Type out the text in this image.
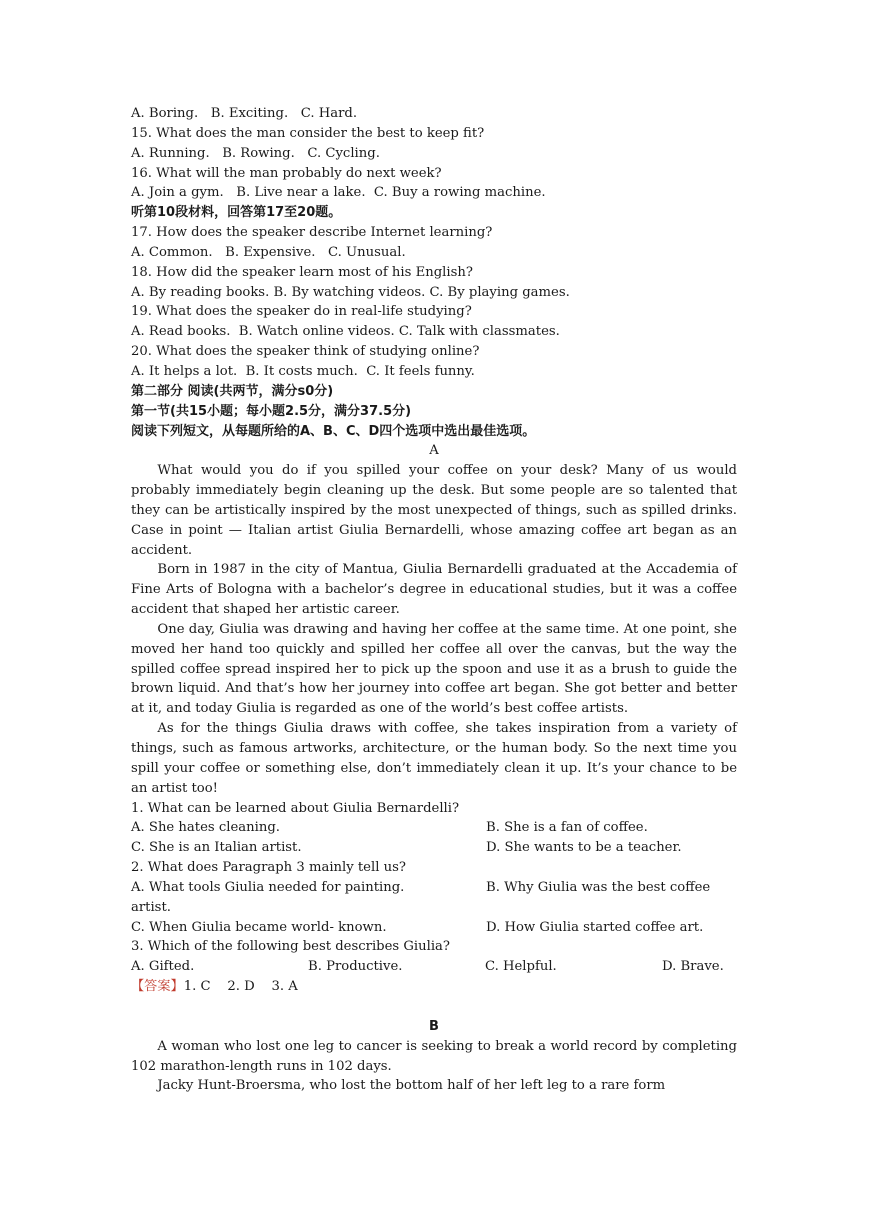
A. Boring.   B. Exciting.   C. Hard.
15. What does the man consider the best to keep fit?
A. Running.   B. Rowing.   C. Cycling.
16. What will the man probably do next week?
A. Join a gym.   B. Live near a lake.  C. Buy a rowing machine.
听第10段材料，回答第17至20题。
17. How does the speaker describe Internet learning?
A. Common.   B. Expensive.   C. Unusual.
18. How did the speaker learn most of his English?
A. By reading books. B. By watching videos. C. By playing games.
19. What does the speaker do in real-life studying?
A. Read books.  B. Watch online videos. C. Talk with classmates.
20. What does the speaker think of studying online?
A. It helps a lot.  B. It costs much.  C. It feels funny.
第二部分 阅读(共两节，满分s0分)
第一节(共15小题；每小题2.5分，满分37.5分)
阅读下列短文，从每题所给的A、B、C、D四个选项中选出最佳选项。
A

What would you do if you spilled your coffee on your desk? Many of us would probably immediately begin cleaning up the desk. But some people are so talented that they can be artistically inspired by the most unexpected of things, such as spilled drinks. Case in point — Italian artist Giulia Bernardelli, whose amazing coffee art began as an accident.

Born in 1987 in the city of Mantua, Giulia Bernardelli graduated at the Accademia of Fine Arts of Bologna with a bachelor’s degree in educational studies, but it was a coffee accident that shaped her artistic career.

One day, Giulia was drawing and having her coffee at the same time. At one point, she moved her hand too quickly and spilled her coffee all over the canvas, but the way the spilled coffee spread inspired her to pick up the spoon and use it as a brush to guide the brown liquid. And that’s how her journey into coffee art began. She got better and better at it, and today Giulia is regarded as one of the world’s best coffee artists.

As for the things Giulia draws with coffee, she takes inspiration from a variety of things, such as famous artworks, architecture, or the human body. So the next time you spill your coffee or something else, don’t immediately clean it up. It’s your chance to be an artist too!

1. What can be learned about Giulia Bernardelli?
A. She hates cleaning.	B. She is a fan of coffee.
C. She is an Italian artist.	D. She wants to be a teacher.
2. What does Paragraph 3 mainly tell us?
A. What tools Giulia needed for painting.	B. Why Giulia was the best coffee
artist.
C. When Giulia became world- known.	D. How Giulia started coffee art.
3. Which of the following best describes Giulia?
A. Gifted.	B. Productive.	C. Helpful.	D. Brave.
【答案】1. C    2. D    3. A
B

A woman who lost one leg to cancer is seeking to break a world record by completing 102 marathon-length runs in 102 days.

Jacky Hunt-Broersma, who lost the bottom half of her left leg to a rare form
